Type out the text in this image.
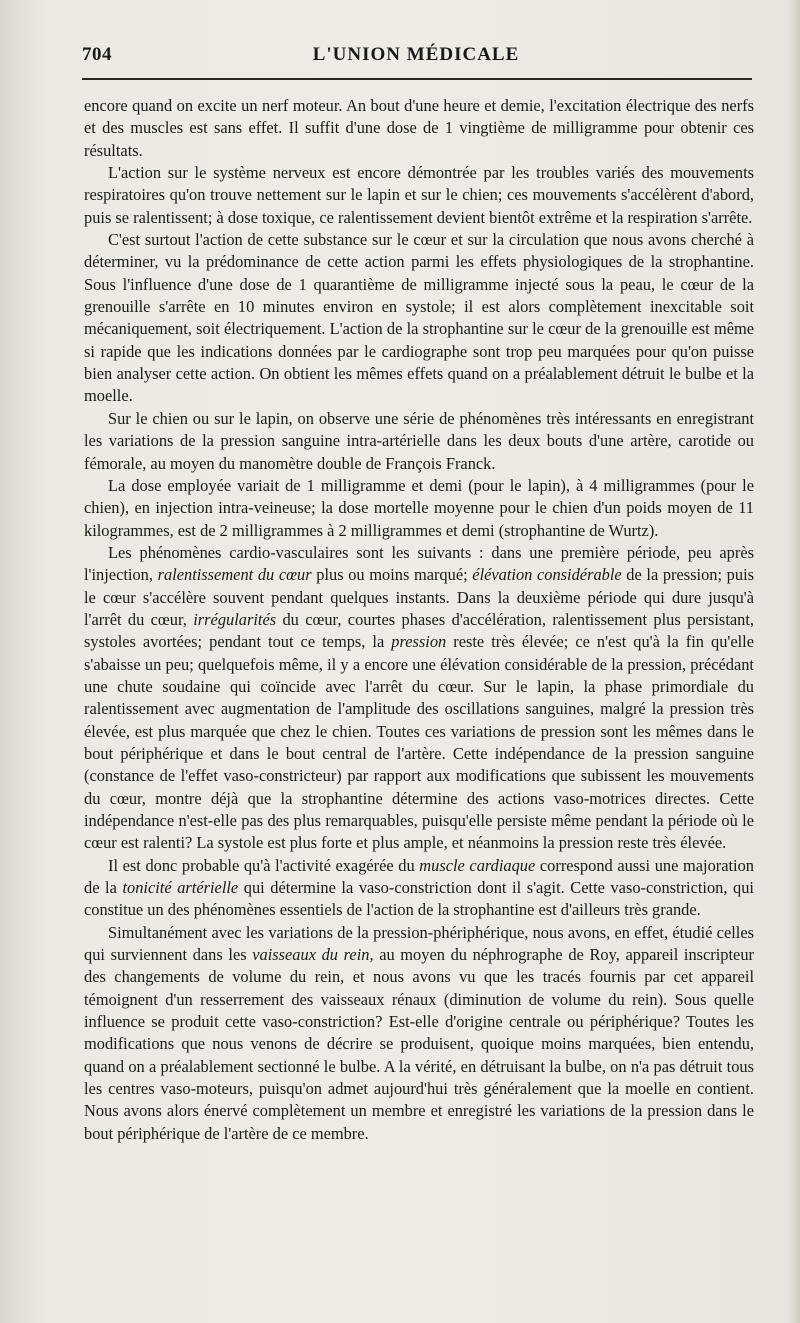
704	L'UNION MÉDICALE

encore quand on excite un nerf moteur. An bout d'une heure et demie, l'excitation électrique des nerfs et des muscles est sans effet. Il suffit d'une dose de 1 vingtième de milligramme pour obtenir ces résultats.

L'action sur le système nerveux est encore démontrée par les troubles variés des mouvements respiratoires qu'on trouve nettement sur le lapin et sur le chien; ces mouvements s'accélèrent d'abord, puis se ralentissent; à dose toxique, ce ralentissement devient bientôt extrême et la respiration s'arrête.

C'est surtout l'action de cette substance sur le cœur et sur la circulation que nous avons cherché à déterminer, vu la prédominance de cette action parmi les effets physiologiques de la strophantine. Sous l'influence d'une dose de 1 quarantième de milligramme injecté sous la peau, le cœur de la grenouille s'arrête en 10 minutes environ en systole; il est alors complètement inexcitable soit mécaniquement, soit électriquement. L'action de la strophantine sur le cœur de la grenouille est même si rapide que les indications données par le cardiographe sont trop peu marquées pour qu'on puisse bien analyser cette action. On obtient les mêmes effets quand on a préalablement détruit le bulbe et la moelle.

Sur le chien ou sur le lapin, on observe une série de phénomènes très intéressants en enregistrant les variations de la pression sanguine intra-artérielle dans les deux bouts d'une artère, carotide ou fémorale, au moyen du manomètre double de François Franck.

La dose employée variait de 1 milligramme et demi (pour le lapin), à 4 milligrammes (pour le chien), en injection intra-veineuse; la dose mortelle moyenne pour le chien d'un poids moyen de 11 kilogrammes, est de 2 milligrammes à 2 milligrammes et demi (strophantine de Wurtz).

Les phénomènes cardio-vasculaires sont les suivants : dans une première période, peu après l'injection, ralentissement du cœur plus ou moins marqué; élévation considérable de la pression; puis le cœur s'accélère souvent pendant quelques instants. Dans la deuxième période qui dure jusqu'à l'arrêt du cœur, irrégularités du cœur, courtes phases d'accélération, ralentissement plus persistant, systoles avortées; pendant tout ce temps, la pression reste très élevée; ce n'est qu'à la fin qu'elle s'abaisse un peu; quelquefois même, il y a encore une élévation considérable de la pression, précédant une chute soudaine qui coïncide avec l'arrêt du cœur. Sur le lapin, la phase primordiale du ralentissement avec augmentation de l'amplitude des oscillations sanguines, malgré la pression très élevée, est plus marquée que chez le chien. Toutes ces variations de pression sont les mêmes dans le bout périphérique et dans le bout central de l'artère. Cette indépendance de la pression sanguine (constance de l'effet vaso-constricteur) par rapport aux modifications que subissent les mouvements du cœur, montre déjà que la strophantine détermine des actions vaso-motrices directes. Cette indépendance n'est-elle pas des plus remarquables, puisqu'elle persiste même pendant la période où le cœur est ralenti? La systole est plus forte et plus ample, et néanmoins la pression reste très élevée.

Il est donc probable qu'à l'activité exagérée du muscle cardiaque correspond aussi une majoration de la tonicité artérielle qui détermine la vaso-constriction dont il s'agit. Cette vaso-constriction, qui constitue un des phénomènes essentiels de l'action de la strophantine est d'ailleurs très grande.

Simultanément avec les variations de la pression-phériphérique, nous avons, en effet, étudié celles qui surviennent dans les vaisseaux du rein, au moyen du néphrographe de Roy, appareil inscripteur des changements de volume du rein, et nous avons vu que les tracés fournis par cet appareil témoignent d'un resserrement des vaisseaux rénaux (diminution de volume du rein). Sous quelle influence se produit cette vaso-constriction? Est-elle d'origine centrale ou périphérique? Toutes les modifications que nous venons de décrire se produisent, quoique moins marquées, bien entendu, quand on a préalablement sectionné le bulbe. A la vérité, en détruisant la bulbe, on n'a pas détruit tous les centres vaso-moteurs, puisqu'on admet aujourd'hui très généralement que la moelle en contient. Nous avons alors énervé complètement un membre et enregistré les variations de la pression dans le bout périphérique de l'artère de ce membre.
